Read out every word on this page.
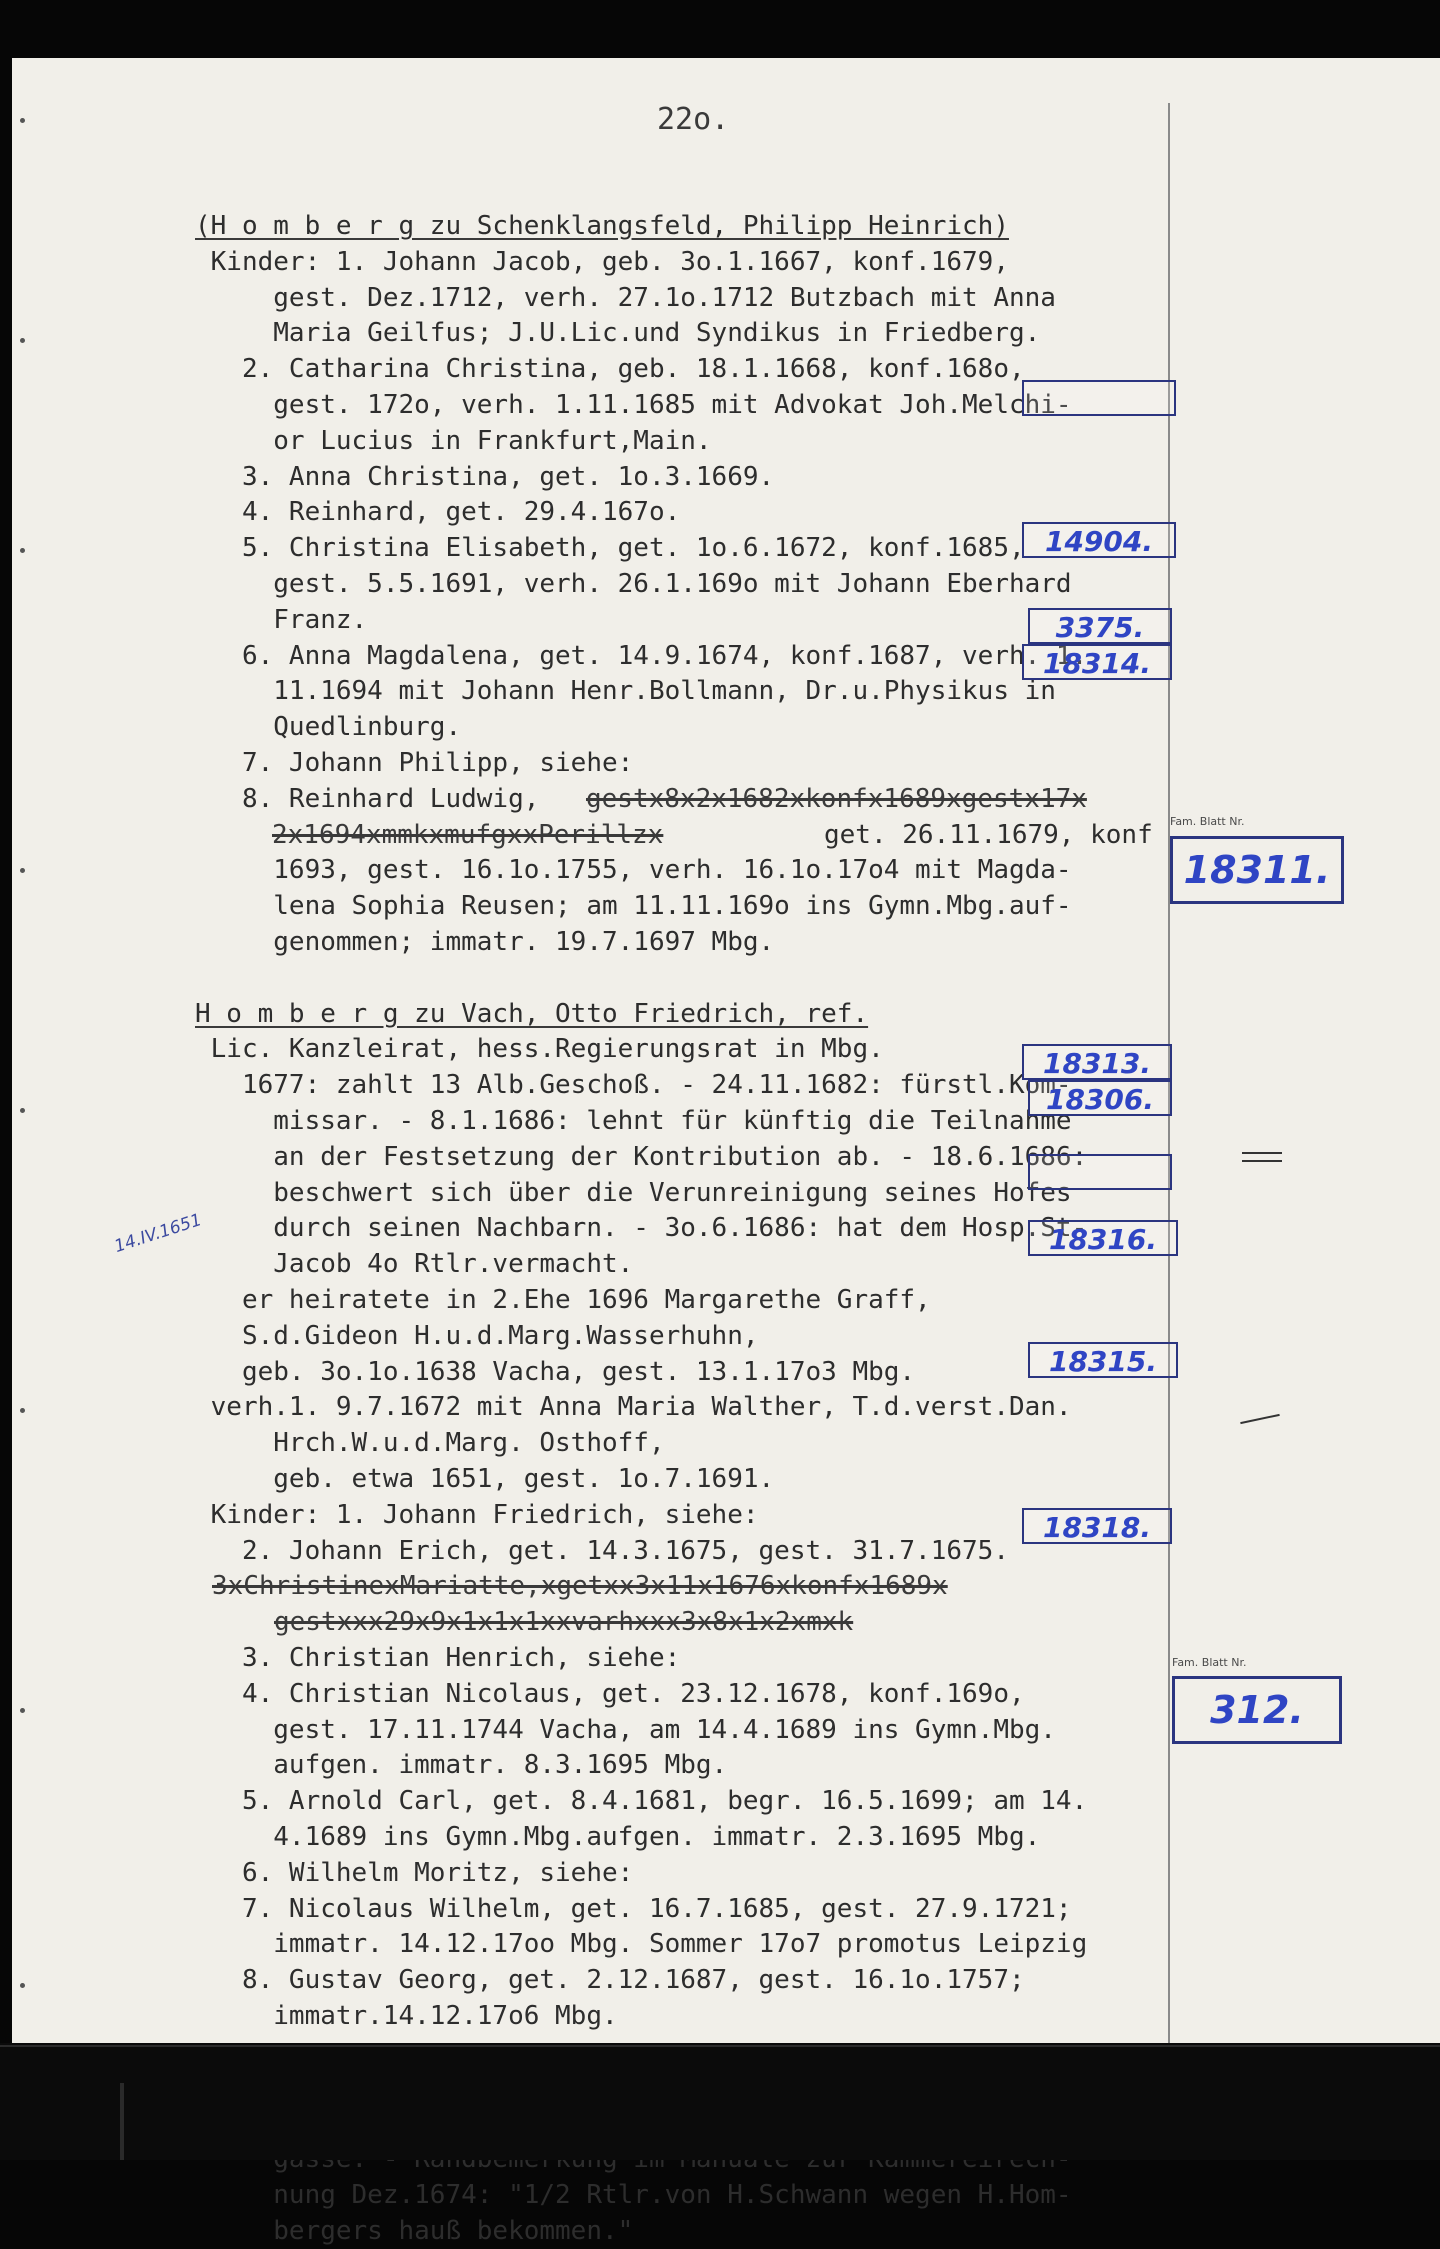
22o.
(H o m b e r g zu Schenklangsfeld, Philipp Heinrich)
Kinder: 1. Johann Jacob, geb. 3o.1.1667, konf.1679,
gest. Dez.1712, verh. 27.1o.1712 Butzbach mit Anna
Maria Geilfus; J.U.Lic.und Syndikus in Friedberg.
2. Catharina Christina, geb. 18.1.1668, konf.168o,
gest. 172o, verh. 1.11.1685 mit Advokat Joh.Melchi-
or Lucius in Frankfurt,Main.
3. Anna Christina, get. 1o.3.1669.
4. Reinhard, get. 29.4.167o.
5. Christina Elisabeth, get. 1o.6.1672, konf.1685,
gest. 5.5.1691, verh. 26.1.169o mit Johann Eberhard
Franz.
6. Anna Magdalena, get. 14.9.1674, konf.1687, verh. 1.
11.1694 mit Johann Henr.Bollmann, Dr.u.Physikus in
Quedlinburg.
7. Johann Philipp, siehe:
8. Reinhard Ludwig,

1693, gest. 16.1o.1755, verh. 16.1o.17o4 mit Magda-
lena Sophia Reusen; am 11.11.169o ins Gymn.Mbg.auf-
genommen; immatr. 19.7.1697 Mbg.
H o m b e r g zu Vach, Otto Friedrich, ref.
Lic. Kanzleirat, hess.Regierungsrat in Mbg.
1677: zahlt 13 Alb.Geschoß. - 24.11.1682: fürstl.Kom-
missar. - 8.1.1686: lehnt für künftig die Teilnahme
an der Festsetzung der Kontribution ab. - 18.6.1686:
beschwert sich über die Verunreinigung seines Hofes
durch seinen Nachbarn. - 3o.6.1686: hat dem Hosp.St-
Jacob 4o Rtlr.vermacht.
er heiratete in 2.Ehe 1696 Margarethe Graff,
S.d.Gideon H.u.d.Marg.Wasserhuhn,
geb. 3o.1o.1638 Vacha, gest. 13.1.17o3 Mbg.
verh.1. 9.7.1672 mit Anna Maria Walther, T.d.verst.Dan.
Hrch.W.u.d.Marg. Osthoff,
geb. etwa 1651, gest. 1o.7.1691.
Kinder: 1. Johann Friedrich, siehe:
2. Johann Erich, get. 14.3.1675, gest. 31.7.1675.

3. Christian Henrich, siehe:
4. Christian Nicolaus, get. 23.12.1678, konf.169o,
gest. 17.11.1744 Vacha, am 14.4.1689 ins Gymn.Mbg.
aufgen. immatr. 8.3.1695 Mbg.
5. Arnold Carl, get. 8.4.1681, begr. 16.5.1699; am 14.
4.1689 ins Gymn.Mbg.aufgen. immatr. 2.3.1695 Mbg.
6. Wilhelm Moritz, siehe:
7. Nicolaus Wilhelm, get. 16.7.1685, gest. 27.9.1721;
immatr. 14.12.17oo Mbg. Sommer 17o7 promotus Leipzig
8. Gustav Georg, get. 2.12.1687, gest. 16.1o.1757;
immatr.14.12.17o6 Mbg.
nung Dez.1674: "1/2 Rtlr.von H.Schwann wegen H.Hom-
bergers hauß bekommen."
gestx8x2x1682xkonfx1689xgestx17x
2x1694xmmkxmufgxxPerillzx	get. 26.11.1679, konf
3xChristinexMariatte,xgetxx3x11x1676xkonfx1689x
gestxxx29x9x1x1x1xxvarhxxx3x8x1x2xmxk
14904.
3375.
18314.
18313.
18306.
18316.
18315.
18318.
Fam. Blatt Nr.
18311.
Fam. Blatt Nr.
312.
14.IV.1651
